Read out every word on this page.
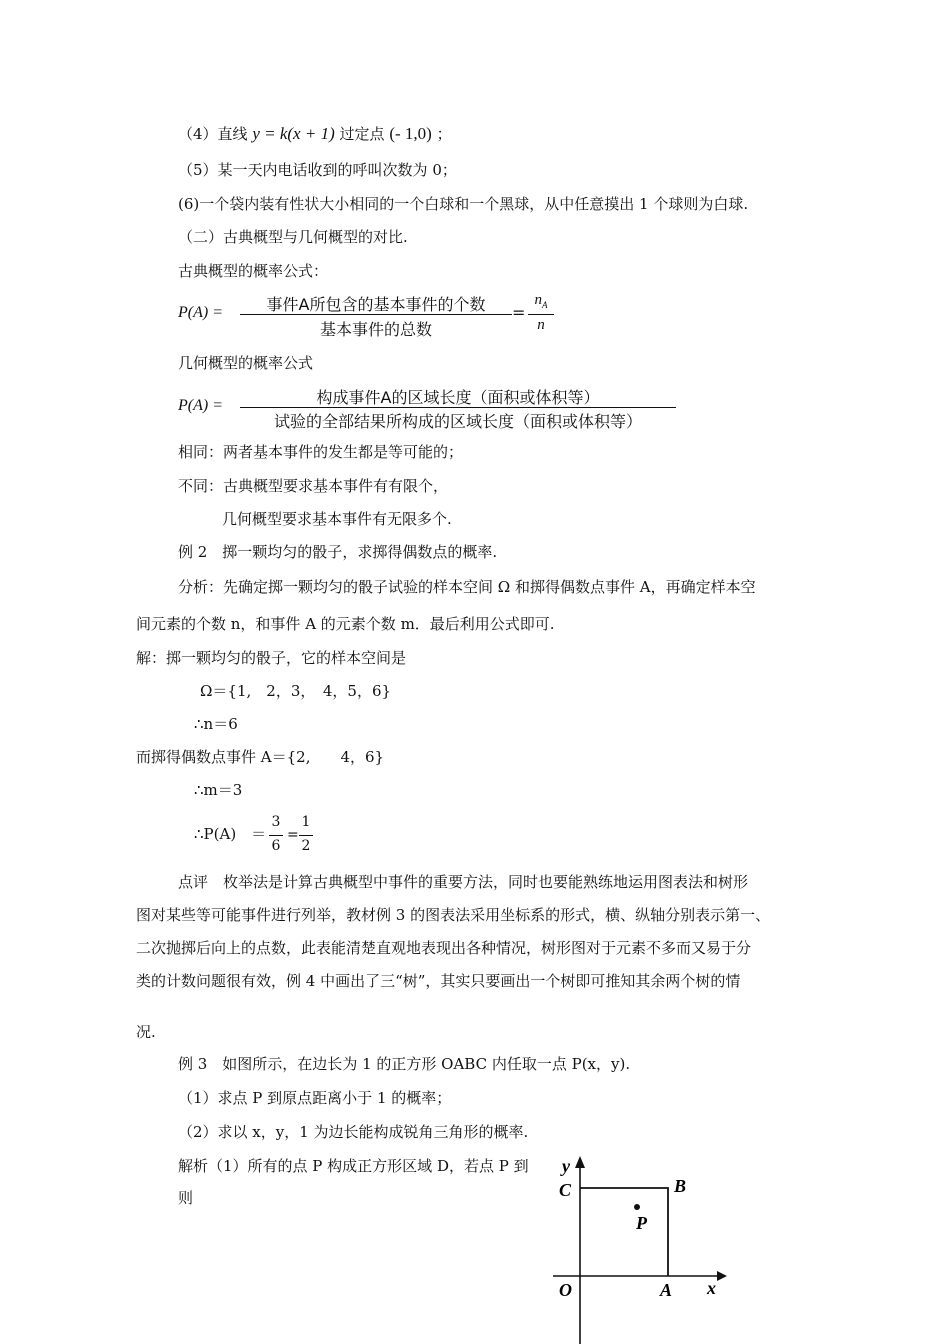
（4）直线 y = k(x + 1) 过定点 (- 1,0) ；
（5）某一天内电话收到的呼叫次数为 0；
(6)一个袋内装有性状大小相同的一个白球和一个黑球，从中任意摸出 1 个球则为白球.
（二）古典概型与几何概型的对比.
古典概型的概率公式：
P(A) =	事件A所包含的基本事件的个数
基本事件的总数
=
$n_A$
n
几何概型的概率公式
P(A) =	构成事件A的区域长度（面积或体积等）
试验的全部结果所构成的区域长度（面积或体积等）
相同：两者基本事件的发生都是等可能的；
不同：古典概型要求基本事件有有限个，
几何概型要求基本事件有无限多个.
例 2　掷一颗均匀的骰子，求掷得偶数点的概率.
分析：先确定掷一颗均匀的骰子试验的样本空间 Ω 和掷得偶数点事件 A，再确定样本空
间元素的个数 n，和事件 A 的元素个数 m．最后利用公式即可.
解：掷一颗均匀的骰子，它的样本空间是
Ω＝{1,　2，3，　4，5，6}
∴n＝6
而掷得偶数点事件 A＝{2,　　4，6}
∴m＝3
∴P(A)　＝
3
6
=
1
2
点评　枚举法是计算古典概型中事件的重要方法，同时也要能熟练地运用图表法和树形
图对某些等可能事件进行列举，教材例 3 的图表法采用坐标系的形式，横、纵轴分别表示第一、
二次抛掷后向上的点数，此表能清楚直观地表现出各种情况，树形图对于元素不多而又易于分
类的计数问题很有效，例 4 中画出了三“树”，其实只要画出一个树即可推知其余两个树的情
况.
例 3　如图所示，在边长为 1 的正方形 OABC 内任取一点 P(x，y).
（1）求点 P 到原点距离小于 1 的概率；
（2）求以 x，y，1 为边长能构成锐角三角形的概率.
解析（1）所有的点 P 构成正方形区域 D，若点 P 到
则
y
x
O	A
B
C
P
